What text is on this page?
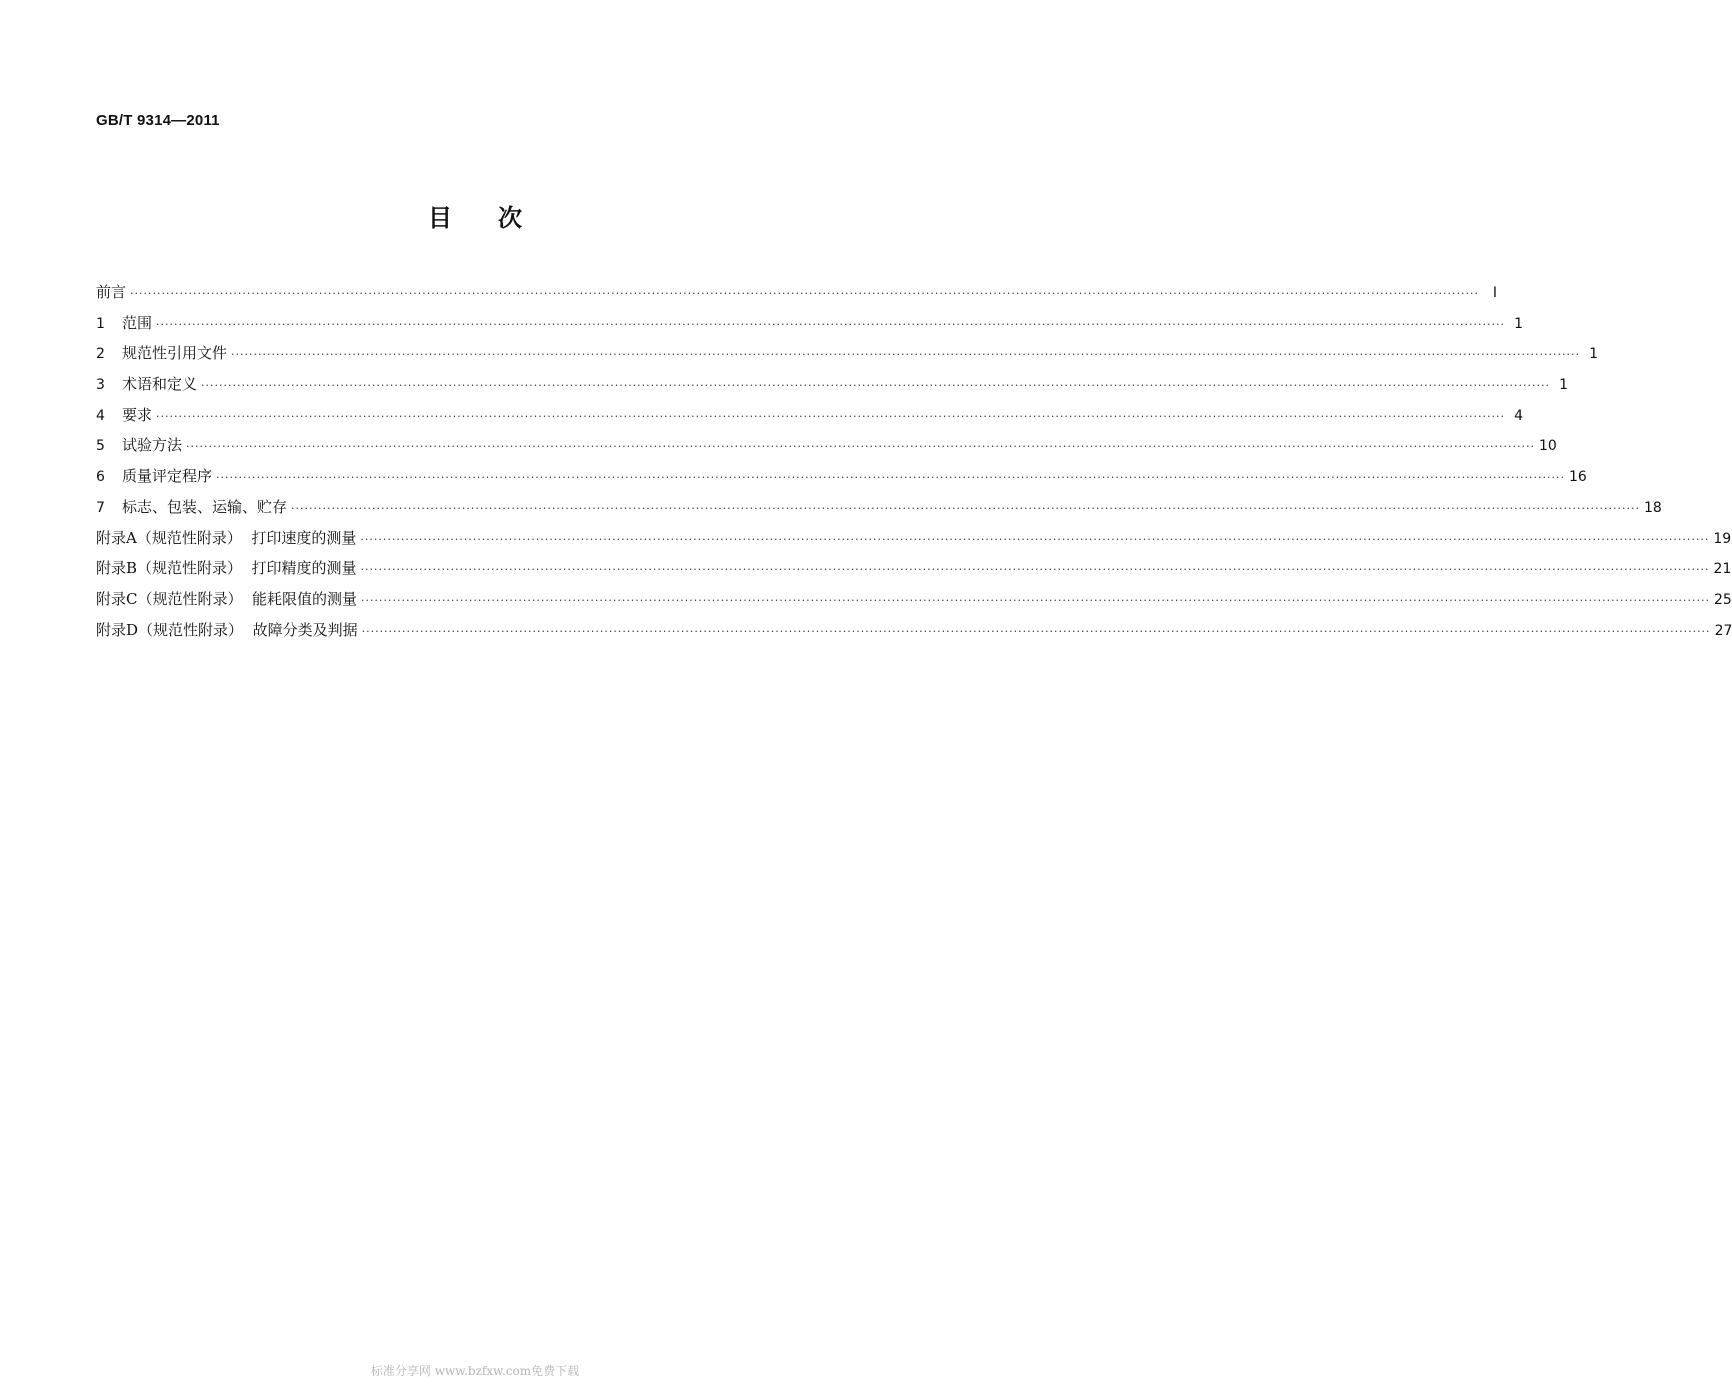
GB/T 9314—2011
目次
前言 ············································································································································································································································································································ Ⅰ
1	范围 ············································································································································································································································································································ 1
2	规范性引用文件 ············································································································································································································································································································ 1
3	术语和定义 ············································································································································································································································································································ 1
4	要求 ············································································································································································································································································································ 4
5	试验方法 ············································································································································································································································································································ 10
6	质量评定程序 ············································································································································································································································································································ 16
7	标志、包装、运输、贮存 ············································································································································································································································································································ 18
附录A（规范性附录）  打印速度的测量 ············································································································································································································································································································ 19
附录B（规范性附录）  打印精度的测量 ············································································································································································································································································································ 21
附录C（规范性附录）  能耗限值的测量 ············································································································································································································································································································ 25
附录D（规范性附录）  故障分类及判据 ············································································································································································································································································································ 27
标准分享网 www.bzfxw.com免费下载
